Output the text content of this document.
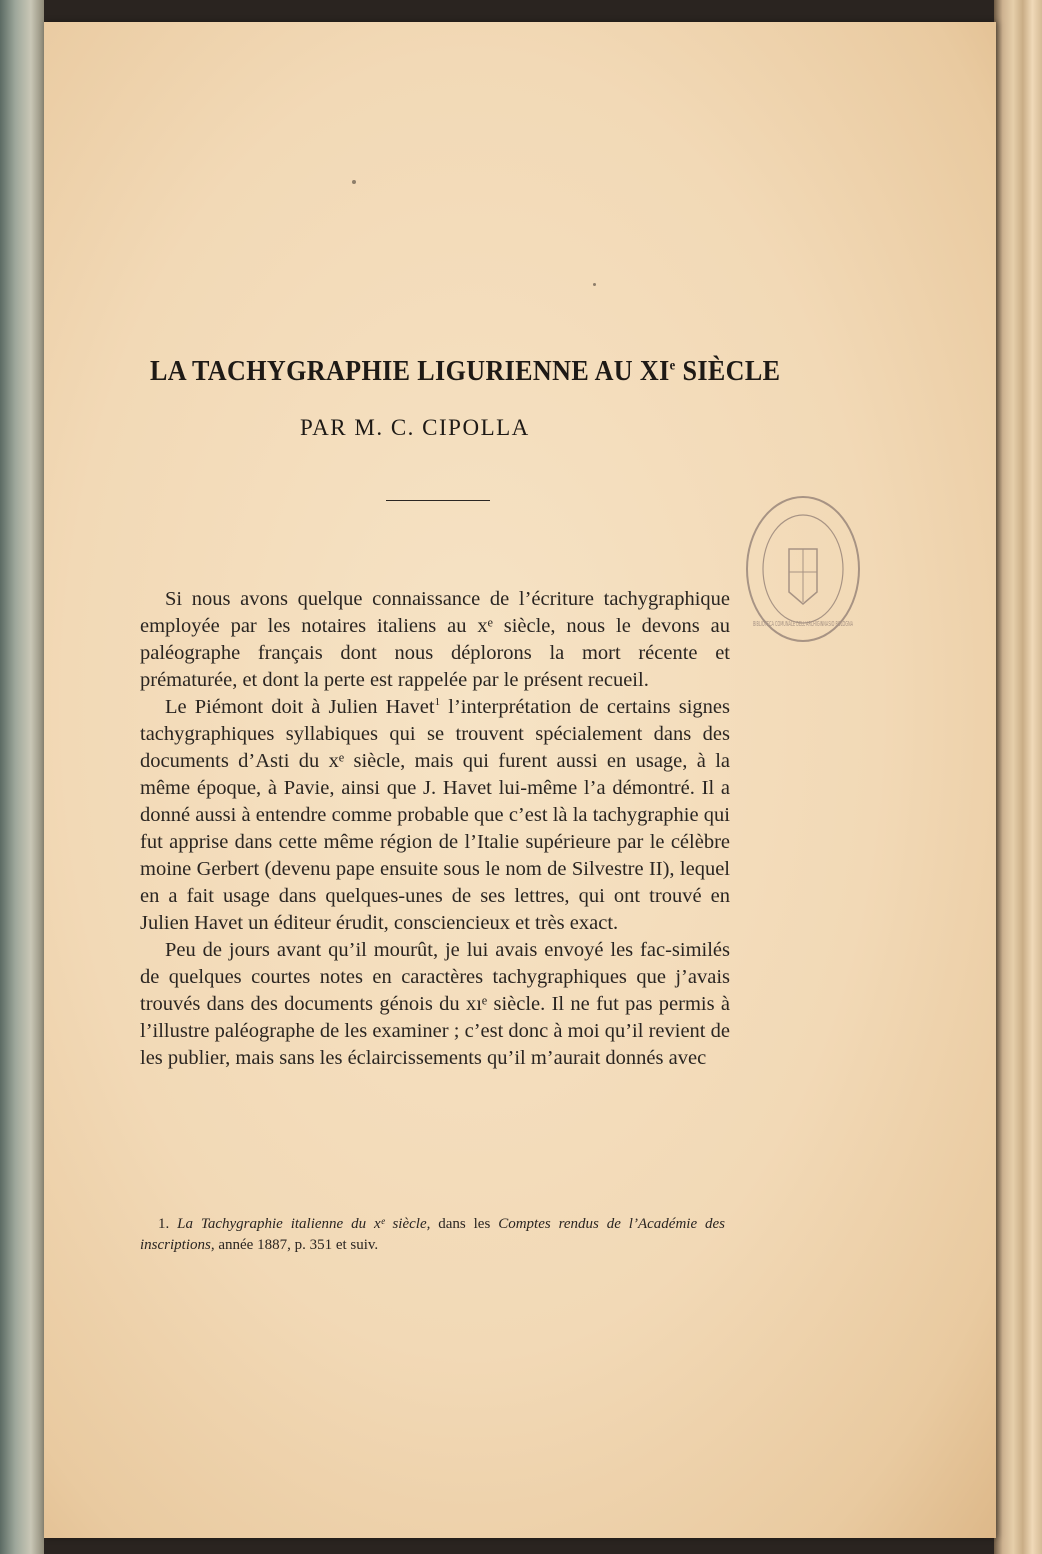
LA TACHYGRAPHIE LIGURIENNE AU XIe SIÈCLE
PAR M. C. CIPOLLA
BIBLIOTECA COMUNALE DELL'ARCHIGINNASIO BOLOGNA

Si nous avons quelque connaissance de l’écriture tachygraphique employée par les notaires italiens au xᵉ siècle, nous le devons au paléographe français dont nous déplorons la mort récente et prématurée, et dont la perte est rappelée par le présent recueil.

Le Piémont doit à Julien Havet$^1$ l’interprétation de certains signes tachygraphiques syllabiques qui se trouvent spécialement dans des documents d’Asti du xᵉ siècle, mais qui furent aussi en usage, à la même époque, à Pavie, ainsi que J. Havet lui-même l’a démontré. Il a donné aussi à entendre comme probable que c’est là la tachygraphie qui fut apprise dans cette même région de l’Italie supérieure par le célèbre moine Gerbert (devenu pape ensuite sous le nom de Silvestre II), lequel en a fait usage dans quelques-unes de ses lettres, qui ont trouvé en Julien Havet un éditeur érudit, consciencieux et très exact.

Peu de jours avant qu’il mourût, je lui avais envoyé les fac-similés de quelques courtes notes en caractères tachygraphiques que j’avais trouvés dans des documents génois du xıᵉ siècle. Il ne fut pas permis à l’illustre paléographe de les examiner ; c’est donc à moi qu’il revient de les publier, mais sans les éclaircissements qu’il m’aurait donnés avec

1. La Tachygraphie italienne du xᵉ siècle, dans les Comptes rendus de l’Académie des inscriptions, année 1887, p. 351 et suiv.
